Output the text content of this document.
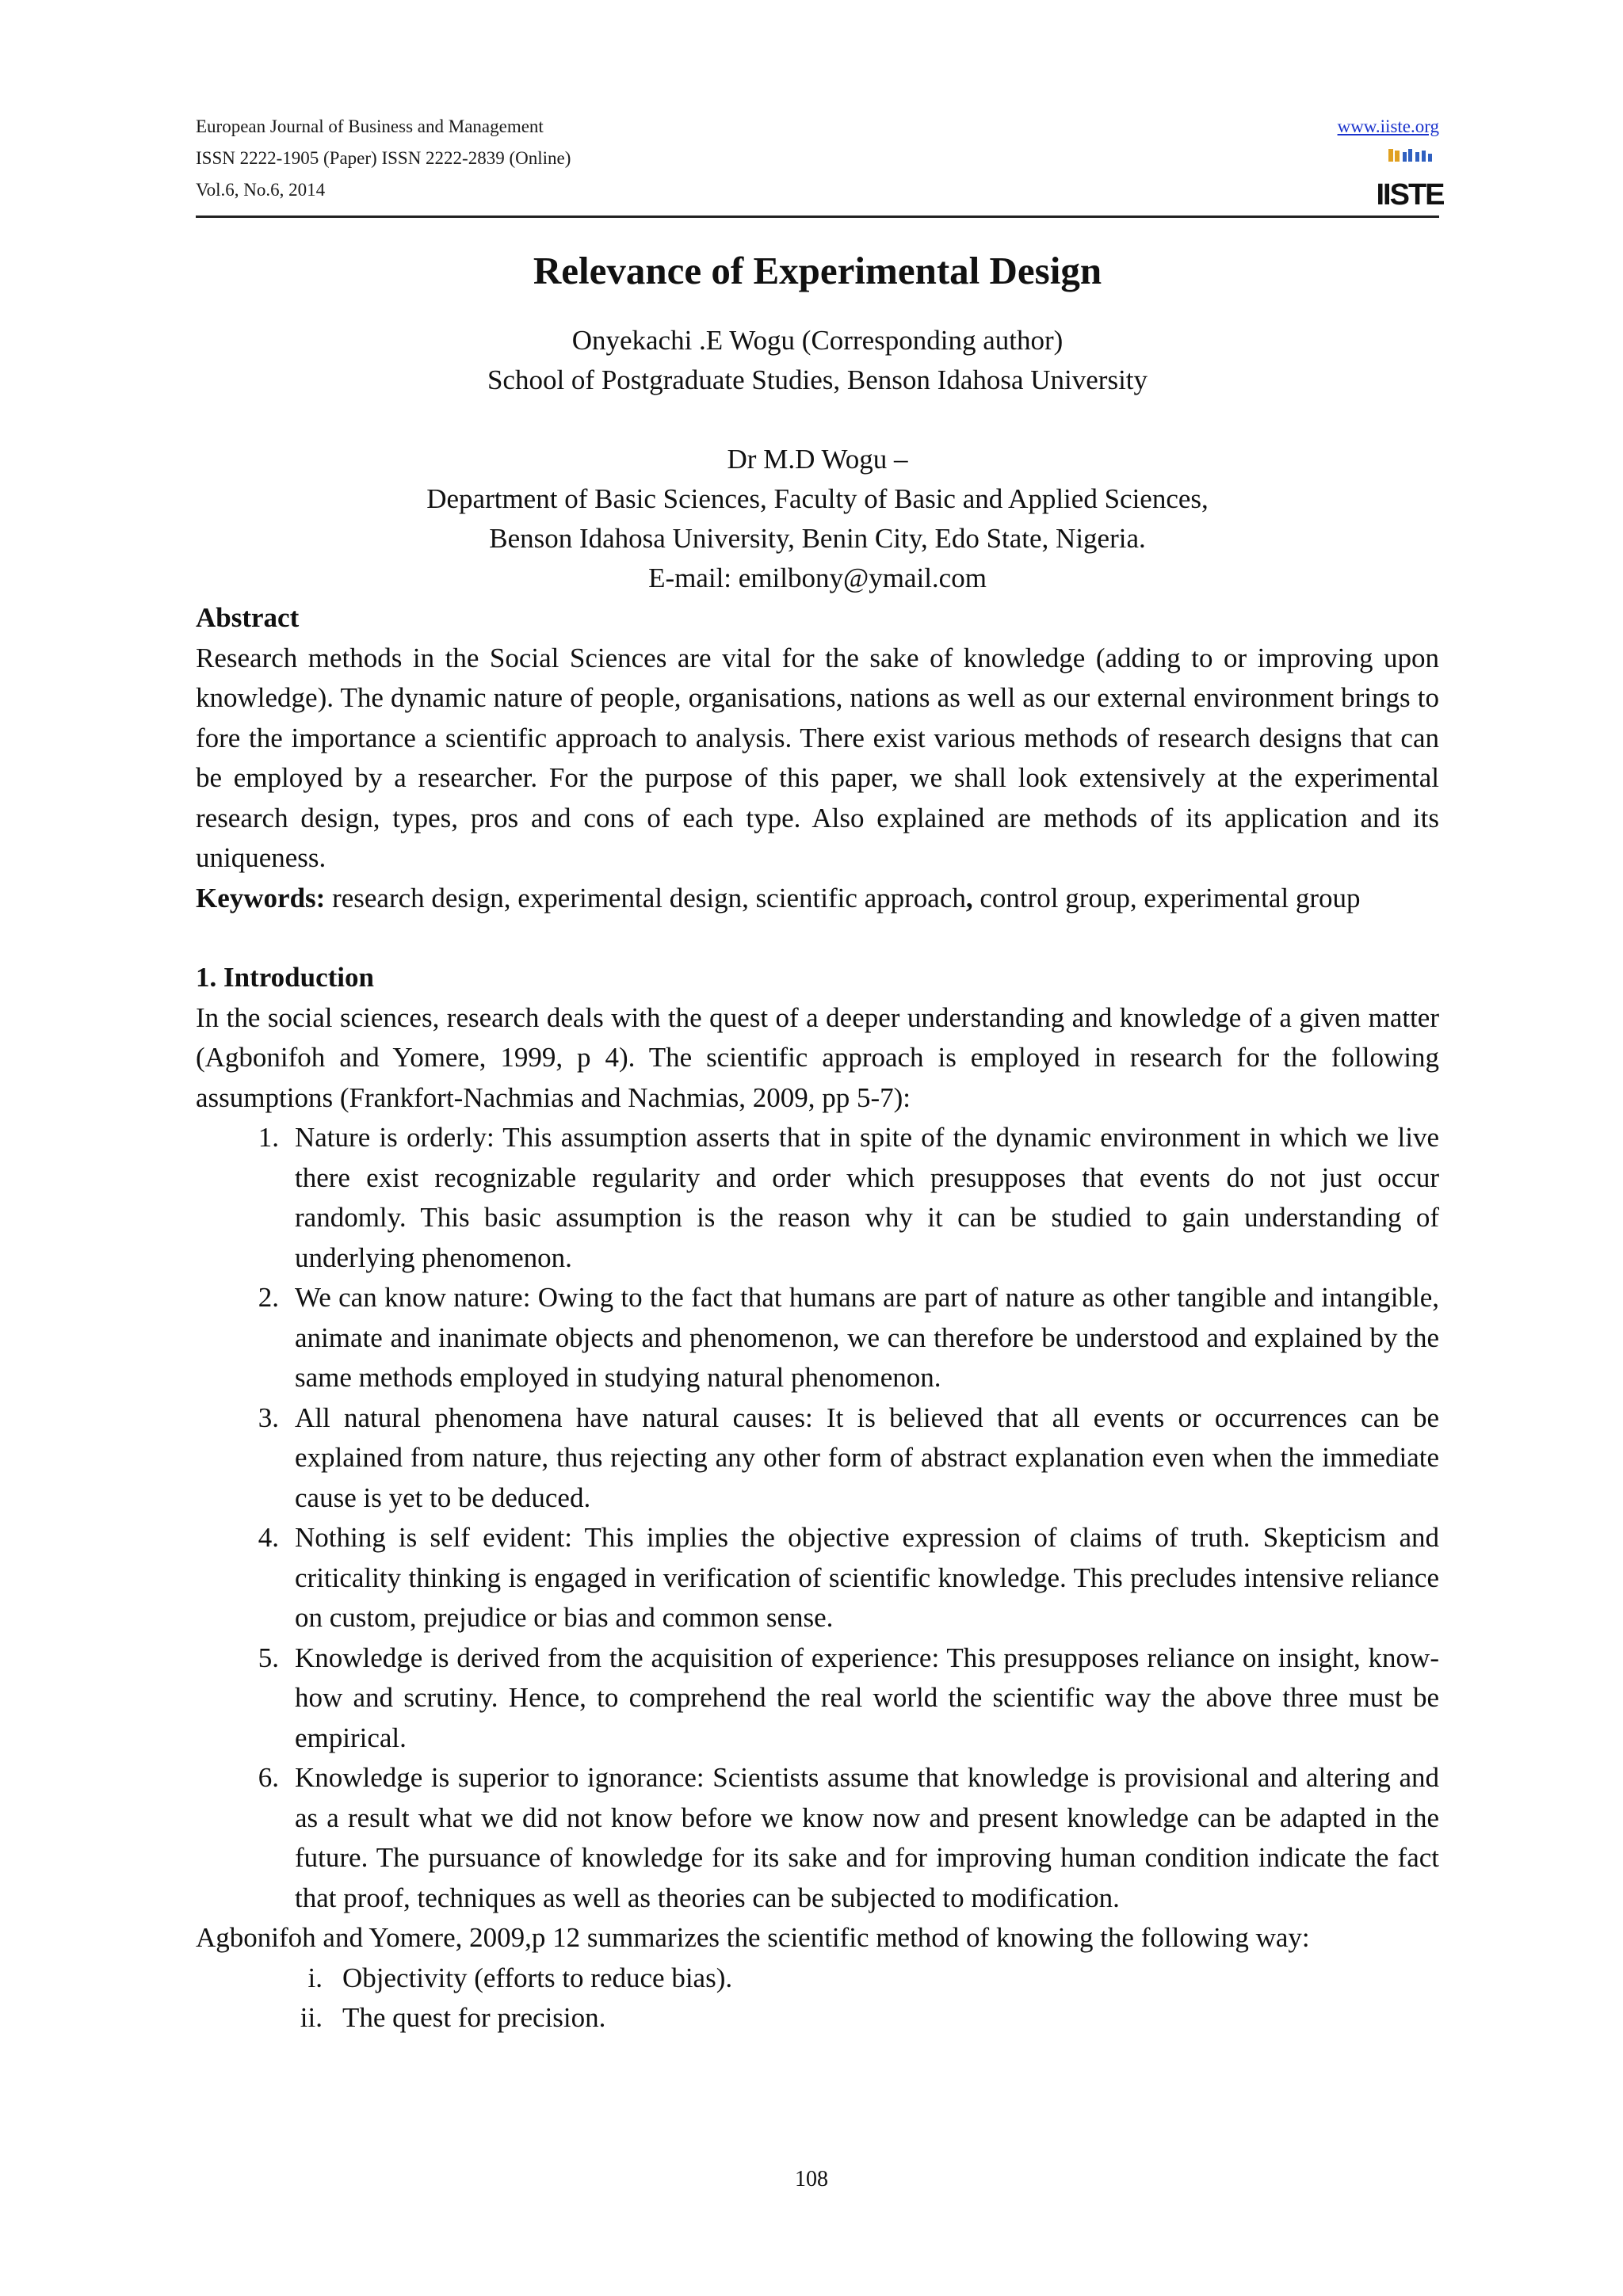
European Journal of Business and Management
ISSN 2222-1905 (Paper) ISSN 2222-2839 (Online)
Vol.6, No.6, 2014
www.iiste.org
IISTE
Relevance of Experimental Design
Onyekachi .E Wogu (Corresponding author)
School of Postgraduate Studies, Benson Idahosa University
Dr M.D Wogu –
Department of Basic Sciences, Faculty of Basic and Applied Sciences,
Benson Idahosa University, Benin City, Edo State, Nigeria.
E-mail: emilbony@ymail.com
Abstract
Research methods in the Social Sciences are vital for the sake of knowledge (adding to or improving upon knowledge). The dynamic nature of people, organisations, nations as well as our external environment brings to fore the importance a scientific approach to analysis. There exist various methods of research designs that can be employed by a researcher. For the purpose of this paper, we shall look extensively at the experimental research design, types, pros and cons of each type. Also explained are methods of its application and its uniqueness.
Keywords: research design, experimental design, scientific approach, control group, experimental group
1. Introduction
In the social sciences, research deals with the quest of a deeper understanding and knowledge of a given matter (Agbonifoh and Yomere, 1999, p 4). The scientific approach is employed in research for the following assumptions (Frankfort-Nachmias and Nachmias, 2009, pp 5-7):
1. Nature is orderly: This assumption asserts that in spite of the dynamic environment in which we live there exist recognizable regularity and order which presupposes that events do not just occur randomly. This basic assumption is the reason why it can be studied to gain understanding of underlying phenomenon.
2. We can know nature: Owing to the fact that humans are part of nature as other tangible and intangible, animate and inanimate objects and phenomenon, we can therefore be understood and explained by the same methods employed in studying natural phenomenon.
3. All natural phenomena have natural causes: It is believed that all events or occurrences can be explained from nature, thus rejecting any other form of abstract explanation even when the immediate cause is yet to be deduced.
4. Nothing is self evident: This implies the objective expression of claims of truth. Skepticism and criticality thinking is engaged in verification of scientific knowledge. This precludes intensive reliance on custom, prejudice or bias and common sense.
5. Knowledge is derived from the acquisition of experience: This presupposes reliance on insight, know-how and scrutiny. Hence, to comprehend the real world the scientific way the above three must be empirical.
6. Knowledge is superior to ignorance: Scientists assume that knowledge is provisional and altering and as a result what we did not know before we know now and present knowledge can be adapted in the future. The pursuance of knowledge for its sake and for improving human condition indicate the fact that proof, techniques as well as theories can be subjected to modification.
Agbonifoh and Yomere, 2009,p 12 summarizes the scientific method of knowing the following way:
i. Objectivity (efforts to reduce bias).
ii. The quest for precision.
108
